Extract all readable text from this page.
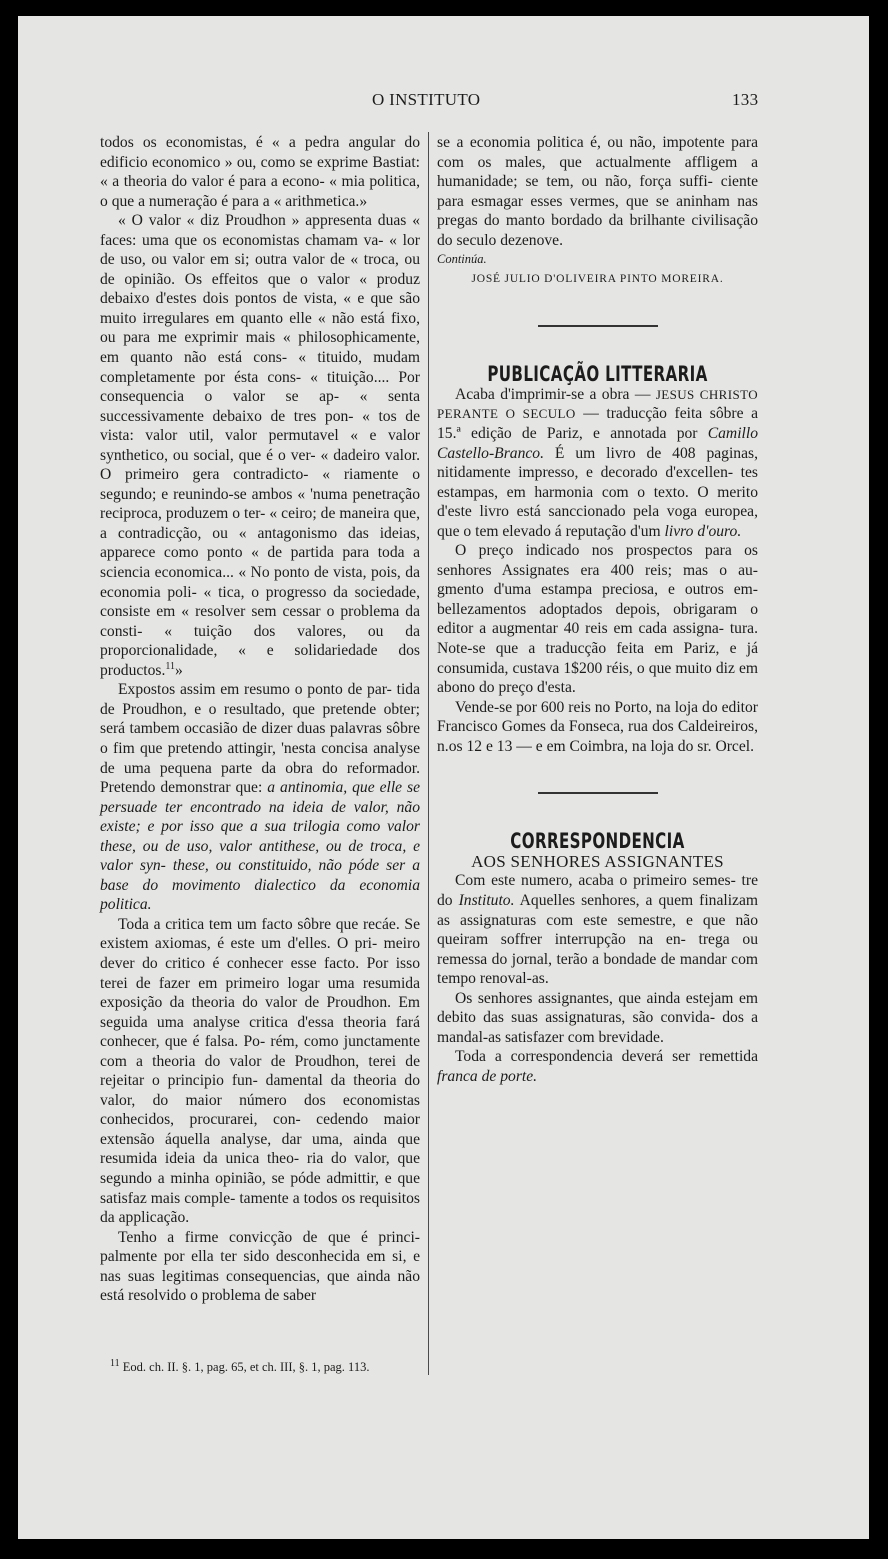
O INSTITUTO	133

todos os economistas, é « a pedra angular do edificio economico » ou, como se exprime Bastiat: « a theoria do valor é para a econo- « mia politica, o que a numeração é para a « arithmetica.»

« O valor « diz Proudhon » appresenta duas « faces: uma que os economistas chamam va- « lor de uso, ou valor em si; outra valor de « troca, ou de opinião. Os effeitos que o valor « produz debaixo d'estes dois pontos de vista, « e que são muito irregulares em quanto elle « não está fixo, ou para me exprimir mais « philosophicamente, em quanto não está cons- « tituido, mudam completamente por ésta cons- « tituição.... Por consequencia o valor se ap- « senta successivamente debaixo de tres pon- « tos de vista: valor util, valor permutavel « e valor synthetico, ou social, que é o ver- « dadeiro valor. O primeiro gera contradicto- « riamente o segundo; e reunindo-se ambos « 'numa penetração reciproca, produzem o ter- « ceiro; de maneira que, a contradicção, ou « antagonismo das ideias, apparece como ponto « de partida para toda a sciencia economica... « No ponto de vista, pois, da economia poli- « tica, o progresso da sociedade, consiste em « resolver sem cessar o problema da consti- « tuição dos valores, ou da proporcionalidade, « e solidariedade dos productos.$^{11}$»

Expostos assim em resumo o ponto de par- tida de Proudhon, e o resultado, que pretende obter; será tambem occasião de dizer duas palavras sôbre o fim que pretendo attingir, 'nesta concisa analyse de uma pequena parte da obra do reformador. Pretendo demonstrar que: a antinomia, que elle se persuade ter encontrado na ideia de valor, não existe; e por isso que a sua trilogia como valor these, ou de uso, valor antithese, ou de troca, e valor syn- these, ou constituido, não póde ser a base do movimento dialectico da economia politica.

Toda a critica tem um facto sôbre que recáe. Se existem axiomas, é este um d'elles. O pri- meiro dever do critico é conhecer esse facto. Por isso terei de fazer em primeiro logar uma resumida exposição da theoria do valor de Proudhon. Em seguida uma analyse critica d'essa theoria fará conhecer, que é falsa. Po- rém, como junctamente com a theoria do valor de Proudhon, terei de rejeitar o principio fun- damental da theoria do valor, do maior número dos economistas conhecidos, procurarei, con- cedendo maior extensão áquella analyse, dar uma, ainda que resumida ideia da unica theo- ria do valor, que segundo a minha opinião, se póde admittir, e que satisfaz mais comple- tamente a todos os requisitos da applicação.

Tenho a firme convicção de que é princi- palmente por ella ter sido desconhecida em si, e nas suas legitimas consequencias, que ainda não está resolvido o problema de saber

$^{11}$ Eod. ch. II. §. 1, pag. 65, et ch. III, §. 1, pag. 113.

se a economia politica é, ou não, impotente para com os males, que actualmente affligem a humanidade; se tem, ou não, força suffi- ciente para esmagar esses vermes, que se aninham nas pregas do manto bordado da brilhante civilisação do seculo dezenove.

Continúa.

JOSÉ JULIO D'OLIVEIRA PINTO MOREIRA.

PUBLICAÇÃO LITTERARIA

Acaba d'imprimir-se a obra — JESUS CHRISTO PERANTE O SECULO — traducção feita sôbre a 15.ª edição de Pariz, e annotada por Camillo Castello-Branco. É um livro de 408 paginas, nitidamente impresso, e decorado d'excellen- tes estampas, em harmonia com o texto. O merito d'este livro está sanccionado pela voga europea, que o tem elevado á reputação d'um livro d'ouro.

O preço indicado nos prospectos para os senhores Assignates era 400 reis; mas o au- gmento d'uma estampa preciosa, e outros em- bellezamentos adoptados depois, obrigaram o editor a augmentar 40 reis em cada assigna- tura. Note-se que a traducção feita em Pariz, e já consumida, custava 1$200 réis, o que muito diz em abono do preço d'esta.

Vende-se por 600 reis no Porto, na loja do editor Francisco Gomes da Fonseca, rua dos Caldeireiros, n.os 12 e 13 — e em Coimbra, na loja do sr. Orcel.

CORRESPONDENCIA

AOS SENHORES ASSIGNANTES

Com este numero, acaba o primeiro semes- tre do Instituto. Aquelles senhores, a quem finalizam as assignaturas com este semestre, e que não queiram soffrer interrupção na en- trega ou remessa do jornal, terão a bondade de mandar com tempo renoval-as.

Os senhores assignantes, que ainda estejam em debito das suas assignaturas, são convida- dos a mandal-as satisfazer com brevidade.

Toda a correspondencia deverá ser remettida franca de porte.
